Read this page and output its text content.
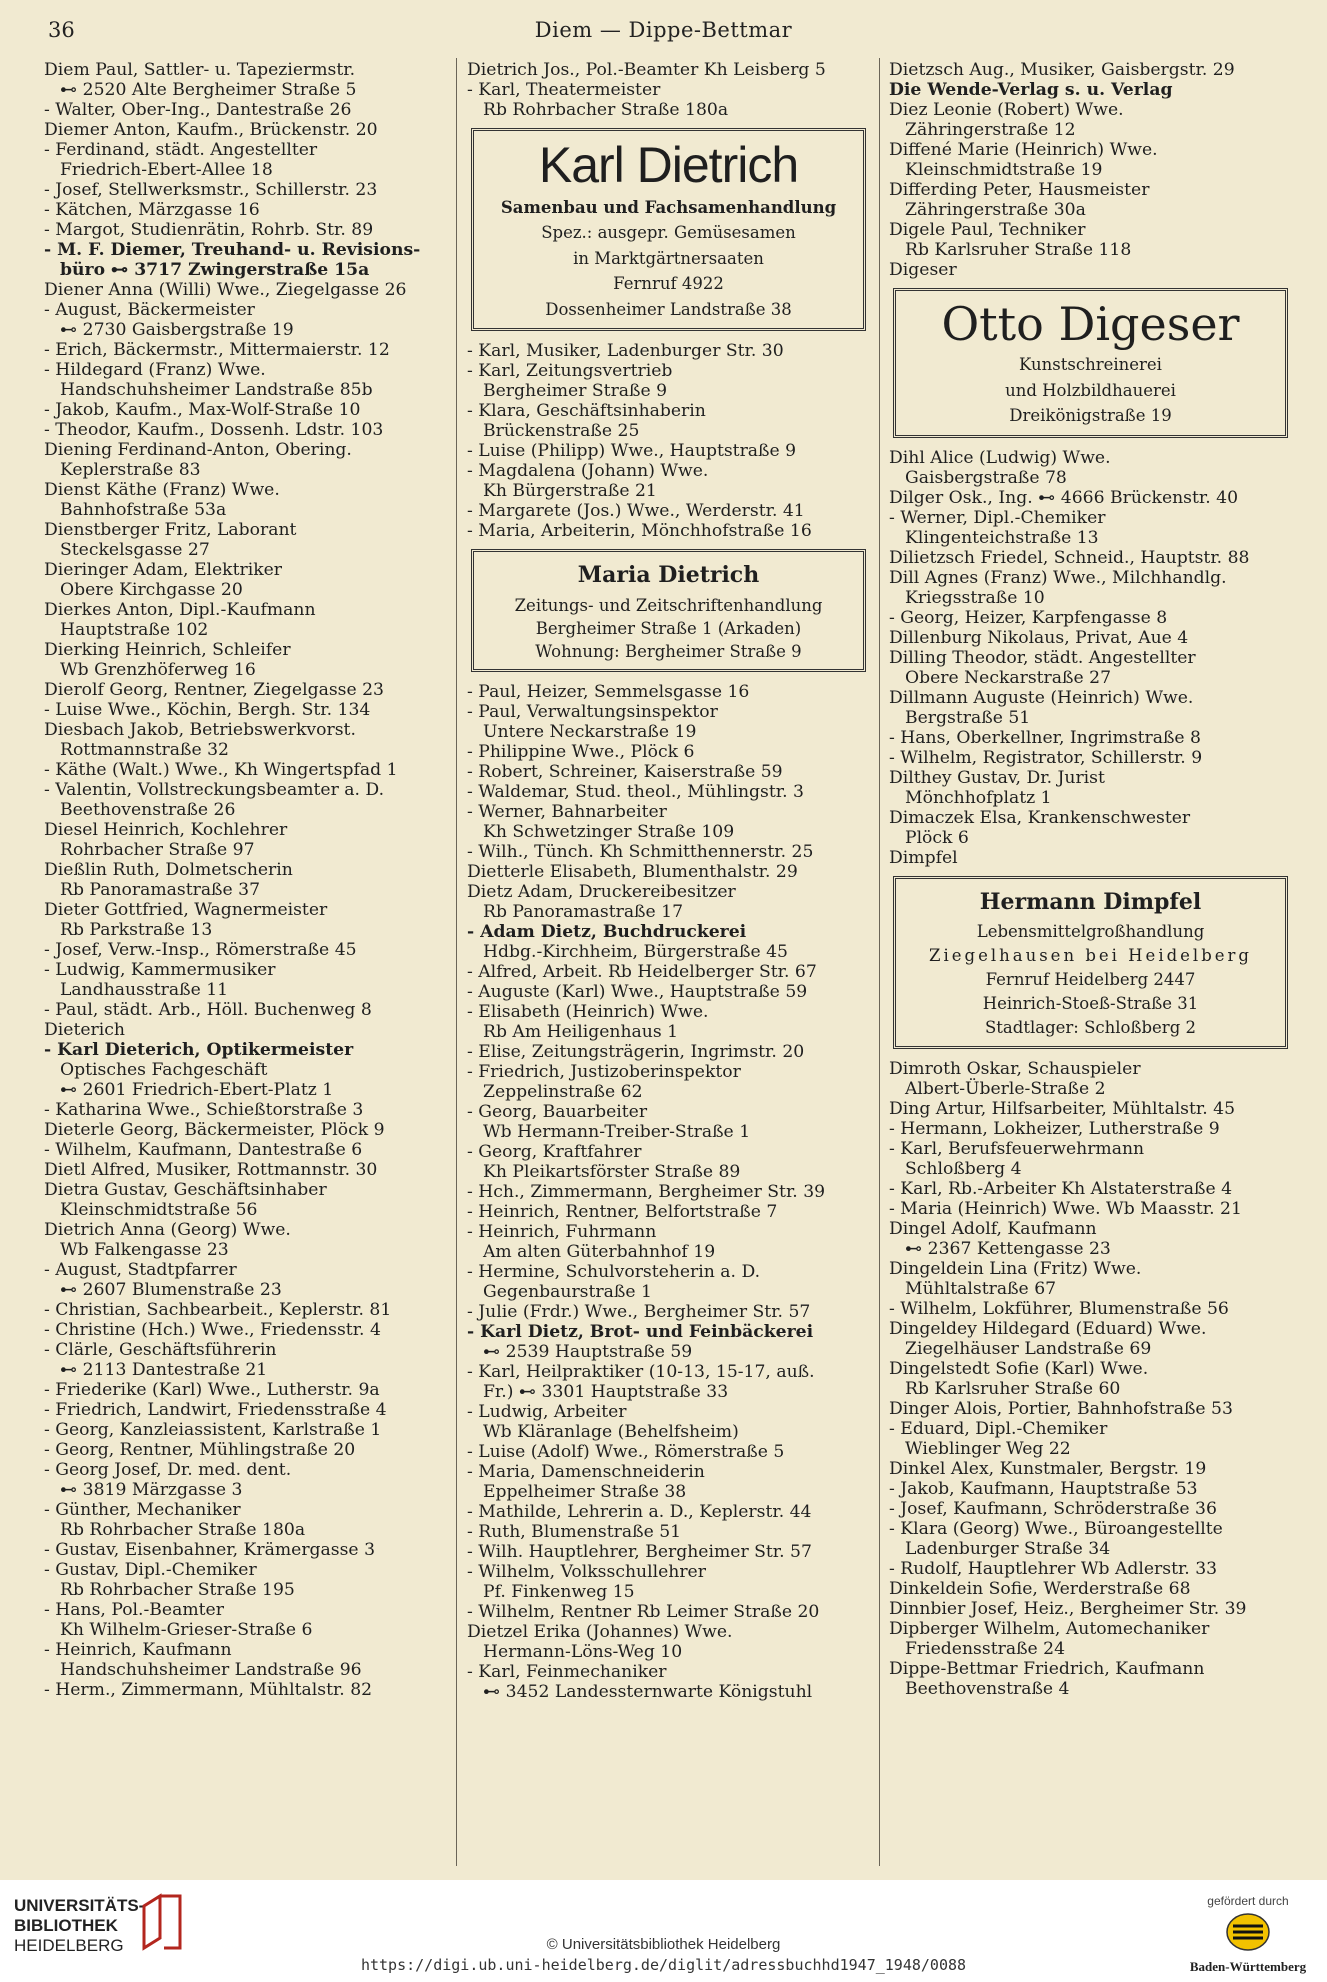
36	Diem — Dippe-Bettmar
Diem Paul, Sattler- u. Tapeziermstr.
⊷ 2520 Alte Bergheimer Straße 5
- Walter, Ober-Ing., Dantestraße 26
Diemer Anton, Kaufm., Brückenstr. 20
- Ferdinand, städt. Angestellter
Friedrich-Ebert-Allee 18
- Josef, Stellwerksmstr., Schillerstr. 23
- Kätchen, Märzgasse 16
- Margot, Studienrätin, Rohrb. Str. 89
- M. F. Diemer, Treuhand- u. Revisions-
büro ⊷ 3717 Zwingerstraße 15a
Diener Anna (Willi) Wwe., Ziegelgasse 26
- August, Bäckermeister
⊷ 2730 Gaisbergstraße 19
- Erich, Bäckermstr., Mittermaierstr. 12
- Hildegard (Franz) Wwe.
Handschuhsheimer Landstraße 85b
- Jakob, Kaufm., Max-Wolf-Straße 10
- Theodor, Kaufm., Dossenh. Ldstr. 103
Diening Ferdinand-Anton, Obering.
Keplerstraße 83
Dienst Käthe (Franz) Wwe.
Bahnhofstraße 53a
Dienstberger Fritz, Laborant
Steckelsgasse 27
Dieringer Adam, Elektriker
Obere Kirchgasse 20
Dierkes Anton, Dipl.-Kaufmann
Hauptstraße 102
Dierking Heinrich, Schleifer
Wb Grenzhöferweg 16
Dierolf Georg, Rentner, Ziegelgasse 23
- Luise Wwe., Köchin, Bergh. Str. 134
Diesbach Jakob, Betriebswerkvorst.
Rottmannstraße 32
- Käthe (Walt.) Wwe., Kh Wingertspfad 1
- Valentin, Vollstreckungsbeamter a. D.
Beethovenstraße 26
Diesel Heinrich, Kochlehrer
Rohrbacher Straße 97
Dießlin Ruth, Dolmetscherin
Rb Panoramastraße 37
Dieter Gottfried, Wagnermeister
Rb Parkstraße 13
- Josef, Verw.-Insp., Römerstraße 45
- Ludwig, Kammermusiker
Landhausstraße 11
- Paul, städt. Arb., Höll. Buchenweg 8
Dieterich
- Karl Dieterich, Optikermeister
Optisches Fachgeschäft
⊷ 2601 Friedrich-Ebert-Platz 1
- Katharina Wwe., Schießtorstraße 3
Dieterle Georg, Bäckermeister, Plöck 9
- Wilhelm, Kaufmann, Dantestraße 6
Dietl Alfred, Musiker, Rottmannstr. 30
Dietra Gustav, Geschäftsinhaber
Kleinschmidtstraße 56
Dietrich Anna (Georg) Wwe.
Wb Falkengasse 23
- August, Stadtpfarrer
⊷ 2607 Blumenstraße 23
- Christian, Sachbearbeit., Keplerstr. 81
- Christine (Hch.) Wwe., Friedensstr. 4
- Clärle, Geschäftsführerin
⊷ 2113 Dantestraße 21
- Friederike (Karl) Wwe., Lutherstr. 9a
- Friedrich, Landwirt, Friedensstraße 4
- Georg, Kanzleiassistent, Karlstraße 1
- Georg, Rentner, Mühlingstraße 20
- Georg Josef, Dr. med. dent.
⊷ 3819 Märzgasse 3
- Günther, Mechaniker
Rb Rohrbacher Straße 180a
- Gustav, Eisenbahner, Krämergasse 3
- Gustav, Dipl.-Chemiker
Rb Rohrbacher Straße 195
- Hans, Pol.-Beamter
Kh Wilhelm-Grieser-Straße 6
- Heinrich, Kaufmann
Handschuhsheimer Landstraße 96
- Herm., Zimmermann, Mühltalstr. 82
Dietrich Jos., Pol.-Beamter Kh Leisberg 5
- Karl, Theatermeister
Rb Rohrbacher Straße 180a
Karl Dietrich
Samenbau und Fachsamenhandlung
Spez.: ausgepr. Gemüsesamen
in Marktgärtnersaaten
Fernruf 4922
Dossenheimer Landstraße 38
- Karl, Musiker, Ladenburger Str. 30
- Karl, Zeitungsvertrieb
Bergheimer Straße 9
- Klara, Geschäftsinhaberin
Brückenstraße 25
- Luise (Philipp) Wwe., Hauptstraße 9
- Magdalena (Johann) Wwe.
Kh Bürgerstraße 21
- Margarete (Jos.) Wwe., Werderstr. 41
- Maria, Arbeiterin, Mönchhofstraße 16
Maria Dietrich
Zeitungs- und Zeitschriftenhandlung
Bergheimer Straße 1 (Arkaden)
Wohnung: Bergheimer Straße 9
- Paul, Heizer, Semmelsgasse 16
- Paul, Verwaltungsinspektor
Untere Neckarstraße 19
- Philippine Wwe., Plöck 6
- Robert, Schreiner, Kaiserstraße 59
- Waldemar, Stud. theol., Mühlingstr. 3
- Werner, Bahnarbeiter
Kh Schwetzinger Straße 109
- Wilh., Tünch. Kh Schmitthennerstr. 25
Dietterle Elisabeth, Blumenthalstr. 29
Dietz Adam, Druckereibesitzer
Rb Panoramastraße 17
- Adam Dietz, Buchdruckerei
Hdbg.-Kirchheim, Bürgerstraße 45
- Alfred, Arbeit. Rb Heidelberger Str. 67
- Auguste (Karl) Wwe., Hauptstraße 59
- Elisabeth (Heinrich) Wwe.
Rb Am Heiligenhaus 1
- Elise, Zeitungsträgerin, Ingrimstr. 20
- Friedrich, Justizoberinspektor
Zeppelinstraße 62
- Georg, Bauarbeiter
Wb Hermann-Treiber-Straße 1
- Georg, Kraftfahrer
Kh Pleikartsförster Straße 89
- Hch., Zimmermann, Bergheimer Str. 39
- Heinrich, Rentner, Belfortstraße 7
- Heinrich, Fuhrmann
Am alten Güterbahnhof 19
- Hermine, Schulvorsteherin a. D.
Gegenbaurstraße 1
- Julie (Frdr.) Wwe., Bergheimer Str. 57
- Karl Dietz, Brot- und Feinbäckerei
⊷ 2539 Hauptstraße 59
- Karl, Heilpraktiker (10-13, 15-17, auß.
Fr.) ⊷ 3301 Hauptstraße 33
- Ludwig, Arbeiter
Wb Kläranlage (Behelfsheim)
- Luise (Adolf) Wwe., Römerstraße 5
- Maria, Damenschneiderin
Eppelheimer Straße 38
- Mathilde, Lehrerin a. D., Keplerstr. 44
- Ruth, Blumenstraße 51
- Wilh. Hauptlehrer, Bergheimer Str. 57
- Wilhelm, Volksschullehrer
Pf. Finkenweg 15
- Wilhelm, Rentner Rb Leimer Straße 20
Dietzel Erika (Johannes) Wwe.
Hermann-Löns-Weg 10
- Karl, Feinmechaniker
⊷ 3452 Landessternwarte Königstuhl
Dietzsch Aug., Musiker, Gaisbergstr. 29
Die Wende-Verlag s. u. Verlag
Diez Leonie (Robert) Wwe.
Zähringerstraße 12
Diffené Marie (Heinrich) Wwe.
Kleinschmidtstraße 19
Differding Peter, Hausmeister
Zähringerstraße 30a
Digele Paul, Techniker
Rb Karlsruher Straße 118
Digeser
Otto Digeser
Kunstschreinerei
und Holzbildhauerei
Dreikönigstraße 19
Dihl Alice (Ludwig) Wwe.
Gaisbergstraße 78
Dilger Osk., Ing. ⊷ 4666 Brückenstr. 40
- Werner, Dipl.-Chemiker
Klingenteichstraße 13
Dilietzsch Friedel, Schneid., Hauptstr. 88
Dill Agnes (Franz) Wwe., Milchhandlg.
Kriegsstraße 10
- Georg, Heizer, Karpfengasse 8
Dillenburg Nikolaus, Privat, Aue 4
Dilling Theodor, städt. Angestellter
Obere Neckarstraße 27
Dillmann Auguste (Heinrich) Wwe.
Bergstraße 51
- Hans, Oberkellner, Ingrimstraße 8
- Wilhelm, Registrator, Schillerstr. 9
Dilthey Gustav, Dr. Jurist
Mönchhofplatz 1
Dimaczek Elsa, Krankenschwester
Plöck 6
Dimpfel
Hermann Dimpfel
Lebensmittelgroßhandlung
Ziegelhausen bei Heidelberg
Fernruf Heidelberg 2447
Heinrich-Stoeß-Straße 31
Stadtlager: Schloßberg 2
Dimroth Oskar, Schauspieler
Albert-Überle-Straße 2
Ding Artur, Hilfsarbeiter, Mühltalstr. 45
- Hermann, Lokheizer, Lutherstraße 9
- Karl, Berufsfeuerwehrmann
Schloßberg 4
- Karl, Rb.-Arbeiter Kh Alstaterstraße 4
- Maria (Heinrich) Wwe. Wb Maasstr. 21
Dingel Adolf, Kaufmann
⊷ 2367 Kettengasse 23
Dingeldein Lina (Fritz) Wwe.
Mühltalstraße 67
- Wilhelm, Lokführer, Blumenstraße 56
Dingeldey Hildegard (Eduard) Wwe.
Ziegelhäuser Landstraße 69
Dingelstedt Sofie (Karl) Wwe.
Rb Karlsruher Straße 60
Dinger Alois, Portier, Bahnhofstraße 53
- Eduard, Dipl.-Chemiker
Wieblinger Weg 22
Dinkel Alex, Kunstmaler, Bergstr. 19
- Jakob, Kaufmann, Hauptstraße 53
- Josef, Kaufmann, Schröderstraße 36
- Klara (Georg) Wwe., Büroangestellte
Ladenburger Straße 34
- Rudolf, Hauptlehrer Wb Adlerstr. 33
Dinkeldein Sofie, Werderstraße 68
Dinnbier Josef, Heiz., Bergheimer Str. 39
Dipberger Wilhelm, Automechaniker
Friedensstraße 24
Dippe-Bettmar Friedrich, Kaufmann
Beethovenstraße 4
UNIVERSITÄTS-
BIBLIOTHEK
HEIDELBERG	© Universitätsbibliothek Heidelberg
https://digi.ub.uni-heidelberg.de/diglit/adressbuchhd1947_1948/0088
gefördert durch
Baden-Württemberg
